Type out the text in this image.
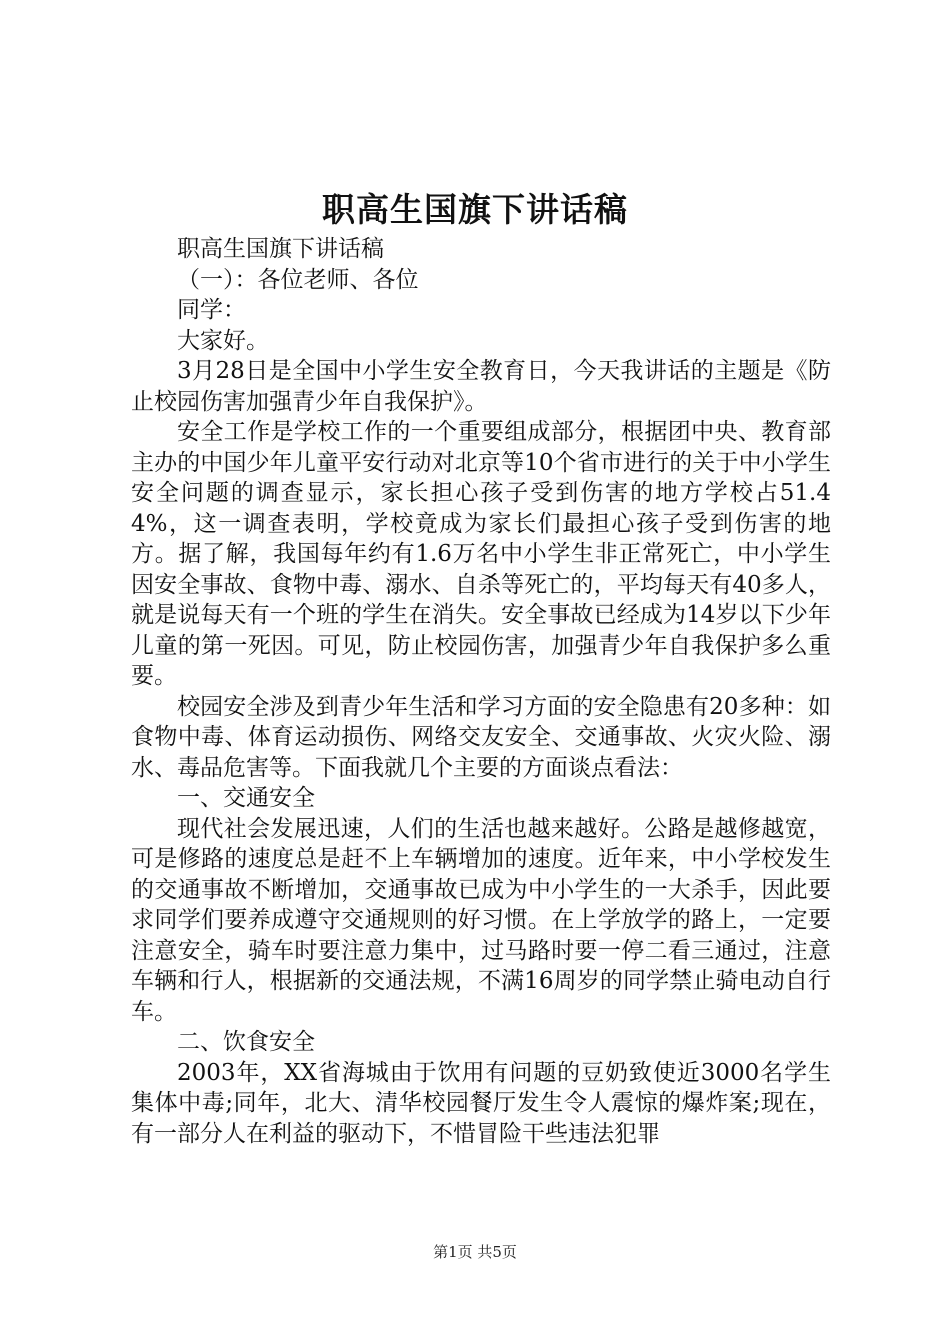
职高生国旗下讲话稿

职高生国旗下讲话稿

（一）：各位老师、各位

同学：

大家好。

3月28日是全国中小学生安全教育日，今天我讲话的主题是《防止校园伤害加强青少年自我保护》。

安全工作是学校工作的一个重要组成部分，根据团中央、教育部主办的中国少年儿童平安行动对北京等10个省市进行的关于中小学生安全问题的调查显示，家长担心孩子受到伤害的地方学校占51.44%，这一调查表明，学校竟成为家长们最担心孩子受到伤害的地方。据了解，我国每年约有1.6万名中小学生非正常死亡，中小学生因安全事故、食物中毒、溺水、自杀等死亡的，平均每天有40多人，就是说每天有一个班的学生在消失。安全事故已经成为14岁以下少年儿童的第一死因。可见，防止校园伤害，加强青少年自我保护多么重要。

校园安全涉及到青少年生活和学习方面的安全隐患有20多种：如食物中毒、体育运动损伤、网络交友安全、交通事故、火灾火险、溺水、毒品危害等。下面我就几个主要的方面谈点看法：

一、交通安全

现代社会发展迅速，人们的生活也越来越好。公路是越修越宽，可是修路的速度总是赶不上车辆增加的速度。近年来，中小学校发生的交通事故不断增加，交通事故已成为中小学生的一大杀手，因此要求同学们要养成遵守交通规则的好习惯。在上学放学的路上，一定要注意安全，骑车时要注意力集中，过马路时要一停二看三通过，注意车辆和行人，根据新的交通法规，不满16周岁的同学禁止骑电动自行车。

二、饮食安全

2003年，XX省海城由于饮用有问题的豆奶致使近3000名学生集体中毒;同年，北大、清华校园餐厅发生令人震惊的爆炸案;现在，有一部分人在利益的驱动下，不惜冒险干些违法犯罪

第1页 共5页
